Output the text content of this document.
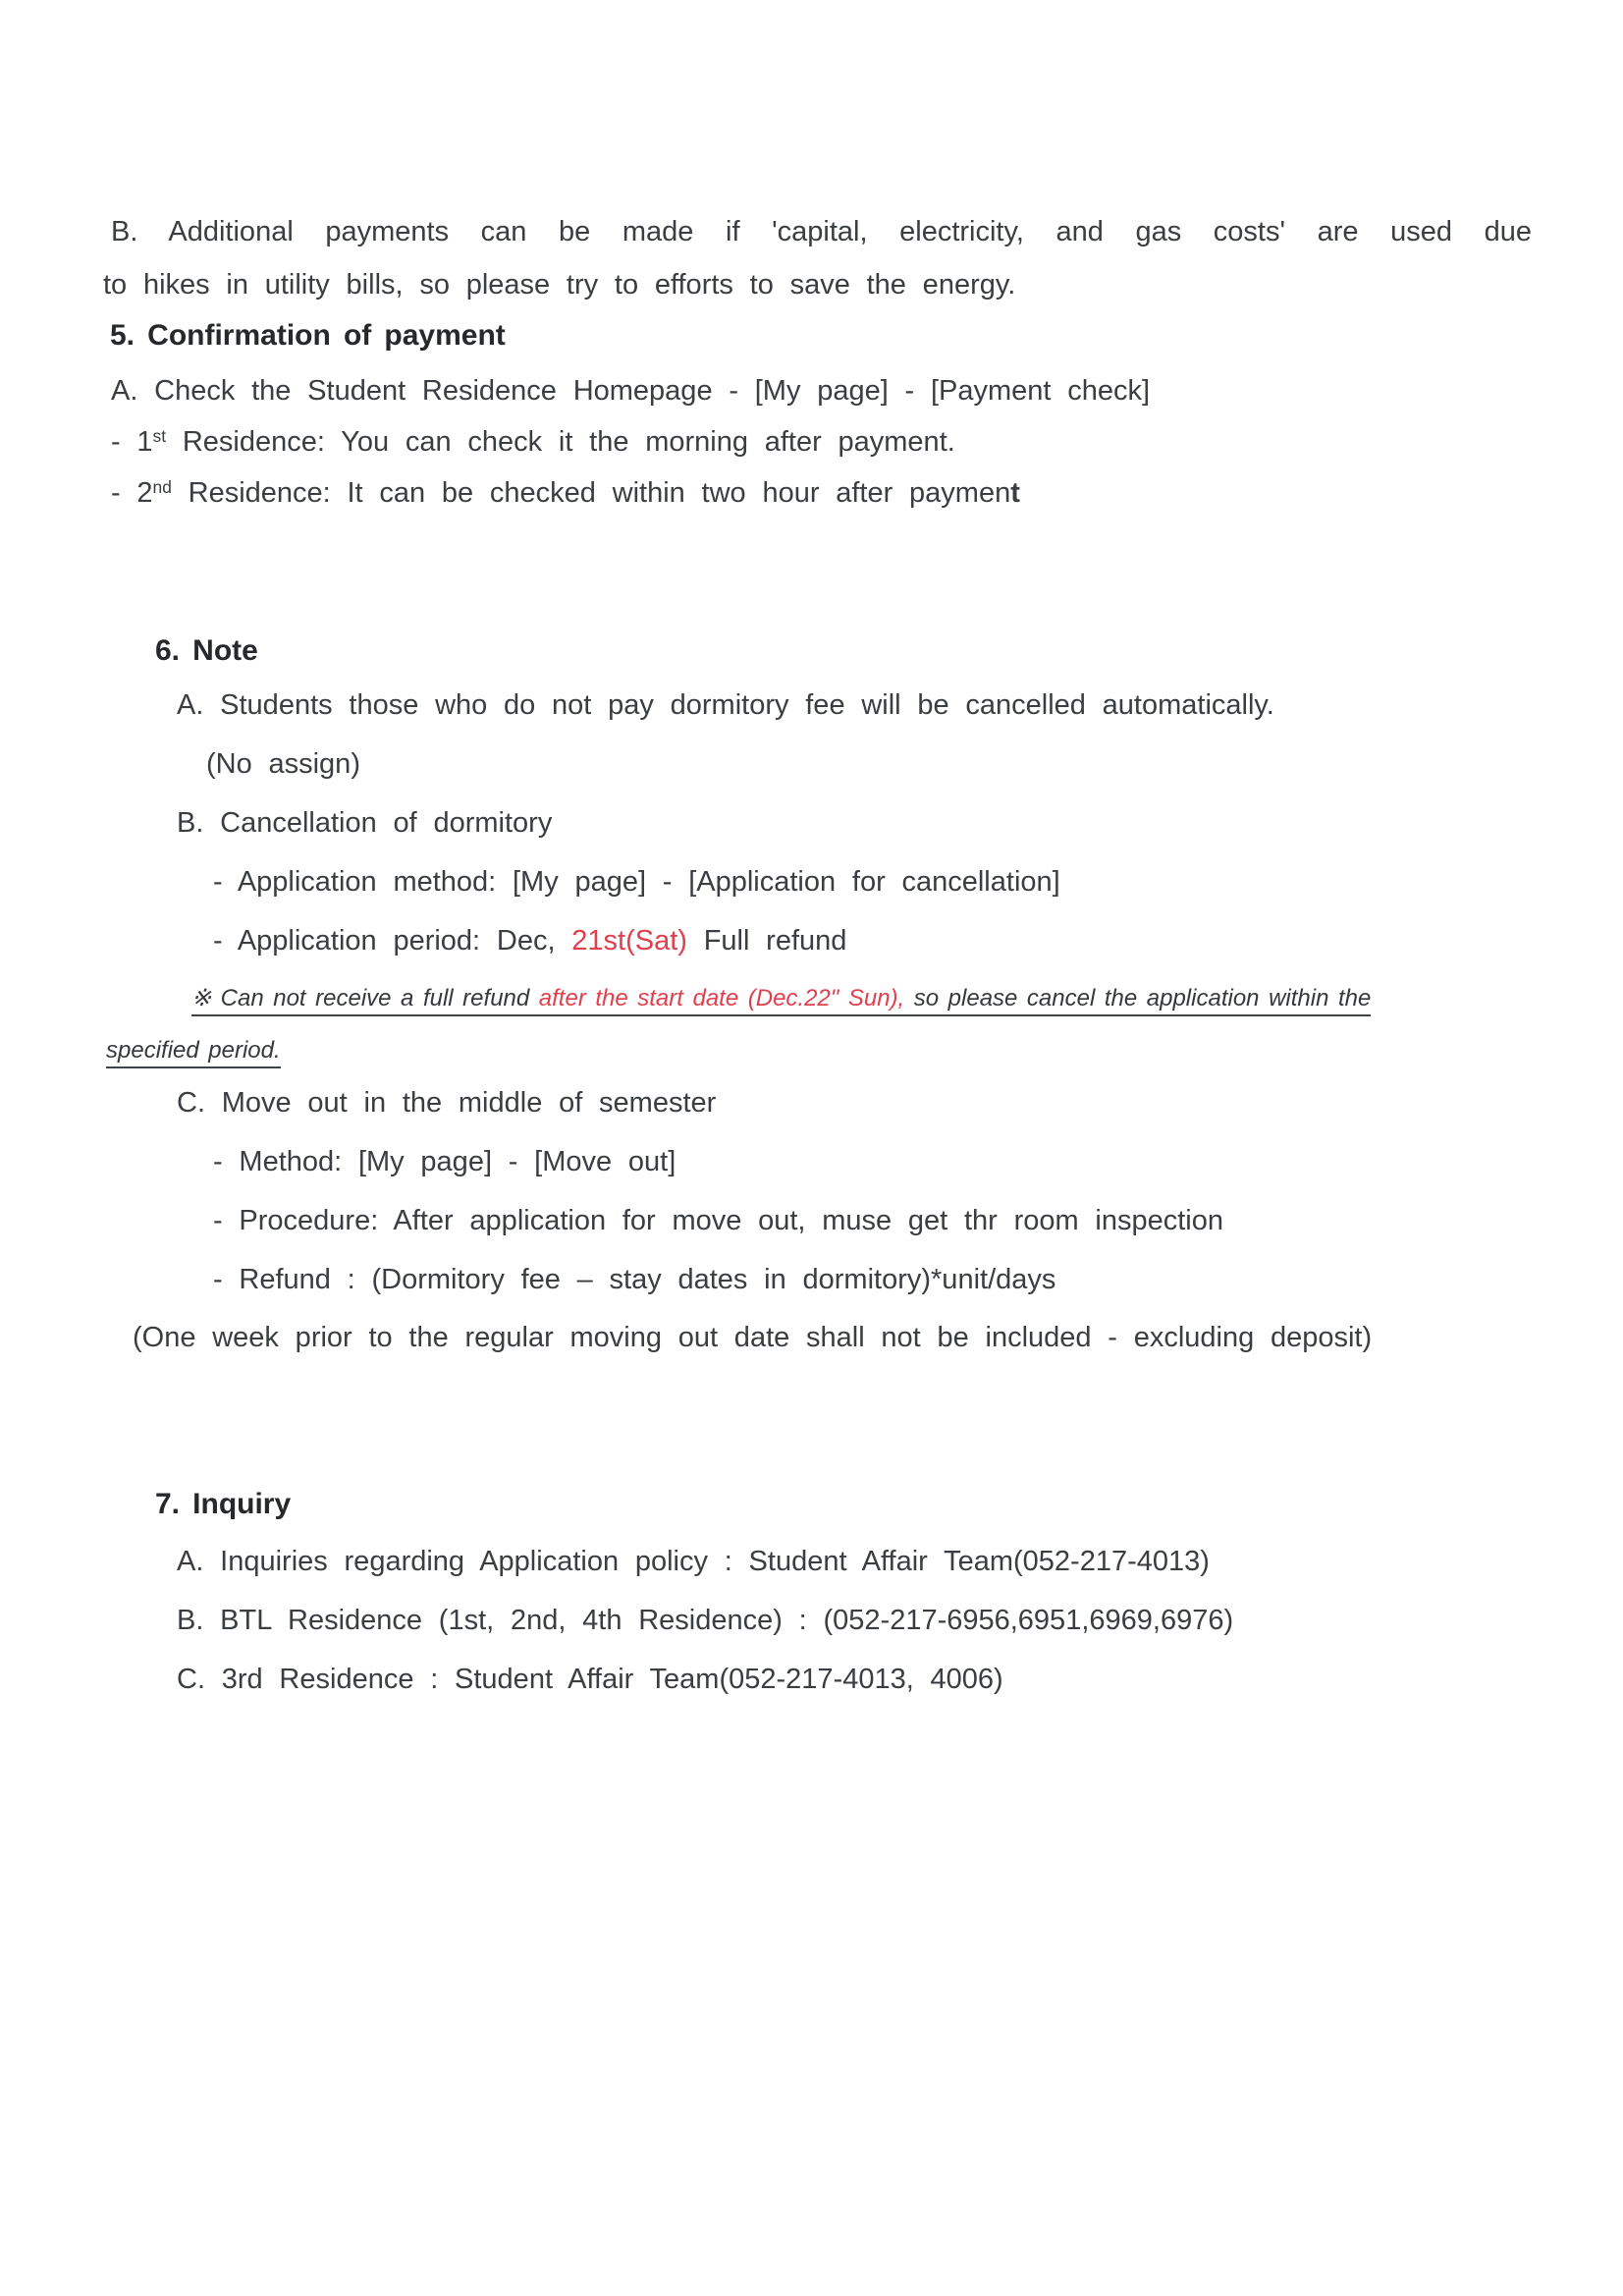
B. Additional payments can be made if 'capital, electricity, and gas costs' are used due
to hikes in utility bills, so please try to efforts to save the energy.
5. Confirmation of payment
A. Check the Student Residence Homepage - [My page] - [Payment check]
- 1st Residence: You can check it the morning after payment.
- 2nd Residence: It can be checked within two hour after payment
6. Note
A. Students those who do not pay dormitory fee will be cancelled automatically.
(No assign)
B. Cancellation of dormitory
- Application method: [My page] - [Application for cancellation]
- Application period: Dec, 21st(Sat) Full refund
※ Can not receive a full refund after the start date (Dec.22" Sun), so please cancel the application within the
specified period.
C. Move out in the middle of semester
- Method: [My page] - [Move out]
- Procedure: After application for move out, muse get thr room inspection
- Refund : (Dormitory fee – stay dates in dormitory)*unit/days
(One week prior to the regular moving out date shall not be included - excluding deposit)
7. Inquiry
A. Inquiries regarding Application policy : Student Affair Team(052-217-4013)
B. BTL Residence (1st, 2nd, 4th Residence) : (052-217-6956,6951,6969,6976)
C. 3rd Residence : Student Affair Team(052-217-4013, 4006)
